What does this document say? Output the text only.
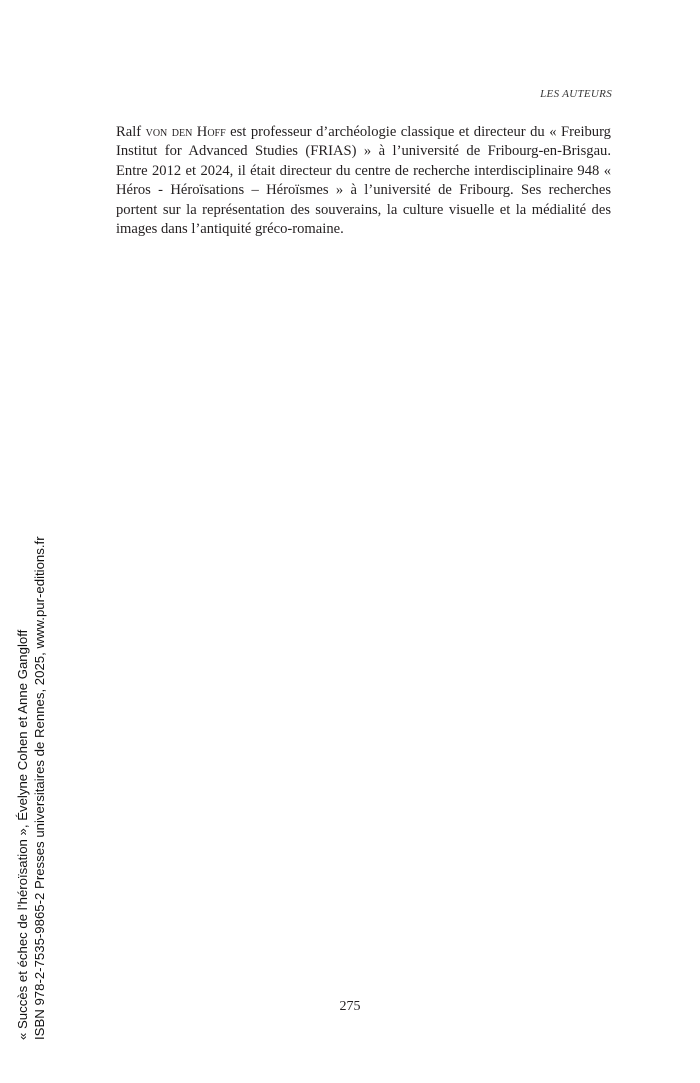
LES AUTEURS

Ralf von den Hoff est professeur d’archéologie classique et directeur du « Freiburg Institut for Advanced Studies (FRIAS) » à l’université de Fribourg-en-Brisgau. Entre 2012 et 2024, il était directeur du centre de recherche interdisciplinaire 948 « Héros - Héroïsations – Héroïsmes » à l’université de Fribourg. Ses recherches portent sur la représentation des souverains, la culture visuelle et la médialité des images dans l’antiquité gréco-romaine.

275
« Succès et échec de l’héroïsation », Évelyne Cohen et Anne Gangloff ISBN 978-2-7535-9865-2 Presses universitaires de Rennes, 2025, www.pur-editions.fr
